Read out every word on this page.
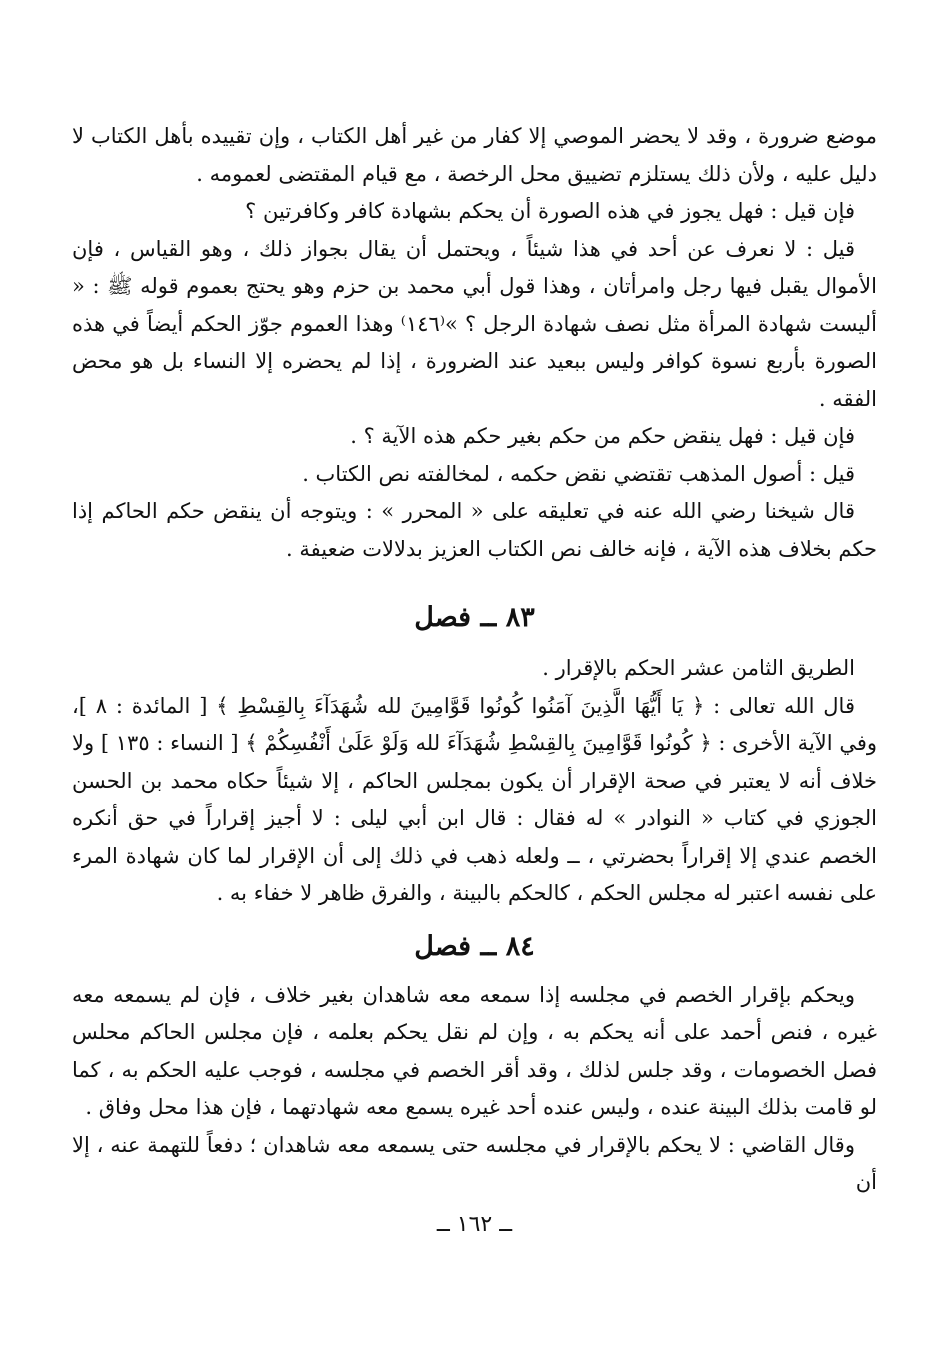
موضع ضرورة ، وقد لا يحضر الموصي إلا كفار من غير أهل الكتاب ، وإن تقييده بأهل الكتاب لا دليل عليه ، ولأن ذلك يستلزم تضييق محل الرخصة ، مع قيام المقتضى لعمومه .

فإن قيل : فهل يجوز في هذه الصورة أن يحكم بشهادة كافر وكافرتين ؟

قيل : لا نعرف عن أحد في هذا شيئاً ، ويحتمل أن يقال بجواز ذلك ، وهو القياس ، فإن الأموال يقبل فيها رجل وامرأتان ، وهذا قول أبي محمد بن حزم وهو يحتج بعموم قوله ﷺ : « أليست شهادة المرأة مثل نصف شهادة الرجل ؟ »⁽١٤٦⁾ وهذا العموم جوّز الحكم أيضاً في هذه الصورة بأربع نسوة كوافر وليس ببعيد عند الضرورة ، إذا لم يحضره إلا النساء بل هو محض الفقه .

فإن قيل : فهل ينقض حكم من حكم بغير حكم هذه الآية ؟ .

قيل : أصول المذهب تقتضي نقض حكمه ، لمخالفته نص الكتاب .

قال شيخنا رضي الله عنه في تعليقه على « المحرر » : ويتوجه أن ينقض حكم الحاكم إذا حكم بخلاف هذه الآية ، فإنه خالف نص الكتاب العزيز بدلالات ضعيفة .

٨٣ ــ فصل

الطريق الثامن عشر الحكم بالإقرار .

قال الله تعالى : ﴿ يَا أَيُّهَا الَّذِينَ آمَنُوا كُونُوا قَوَّامِينَ لله شُهَدَآءَ بِالقِسْطِ ﴾ [ المائدة : ٨ ]، وفي الآية الأخرى : ﴿ كُونُوا قَوَّامِينَ بِالقِسْطِ شُهَدَآءَ لله وَلَوْ عَلَىٰ أَنْفُسِكُمْ ﴾ [ النساء : ١٣٥ ] ولا خلاف أنه لا يعتبر في صحة الإقرار أن يكون بمجلس الحاكم ، إلا شيئاً حكاه محمد بن الحسن الجوزي في كتاب « النوادر » له فقال : قال ابن أبي ليلى : لا أجيز إقراراً في حق أنكره الخصم عندي إلا إقراراً بحضرتي ، ــ ولعله ذهب في ذلك إلى أن الإقرار لما كان شهادة المرء على نفسه اعتبر له مجلس الحكم ، كالحكم بالبينة ، والفرق ظاهر لا خفاء به .

٨٤ ــ فصل

ويحكم بإقرار الخصم في مجلسه إذا سمعه معه شاهدان بغير خلاف ، فإن لم يسمعه معه غيره ، فنص أحمد على أنه يحكم به ، وإن لم نقل يحكم بعلمه ، فإن مجلس الحاكم محلس فصل الخصومات ، وقد جلس لذلك ، وقد أقر الخصم في مجلسه ، فوجب عليه الحكم به ، كما لو قامت بذلك البينة عنده ، وليس عنده أحد غيره يسمع معه شهادتهما ، فإن هذا محل وفاق .

وقال القاضي : لا يحكم بالإقرار في مجلسه حتى يسمعه معه شاهدان ؛ دفعاً للتهمة عنه ، إلا أن

ــ ١٦٢ ــ
